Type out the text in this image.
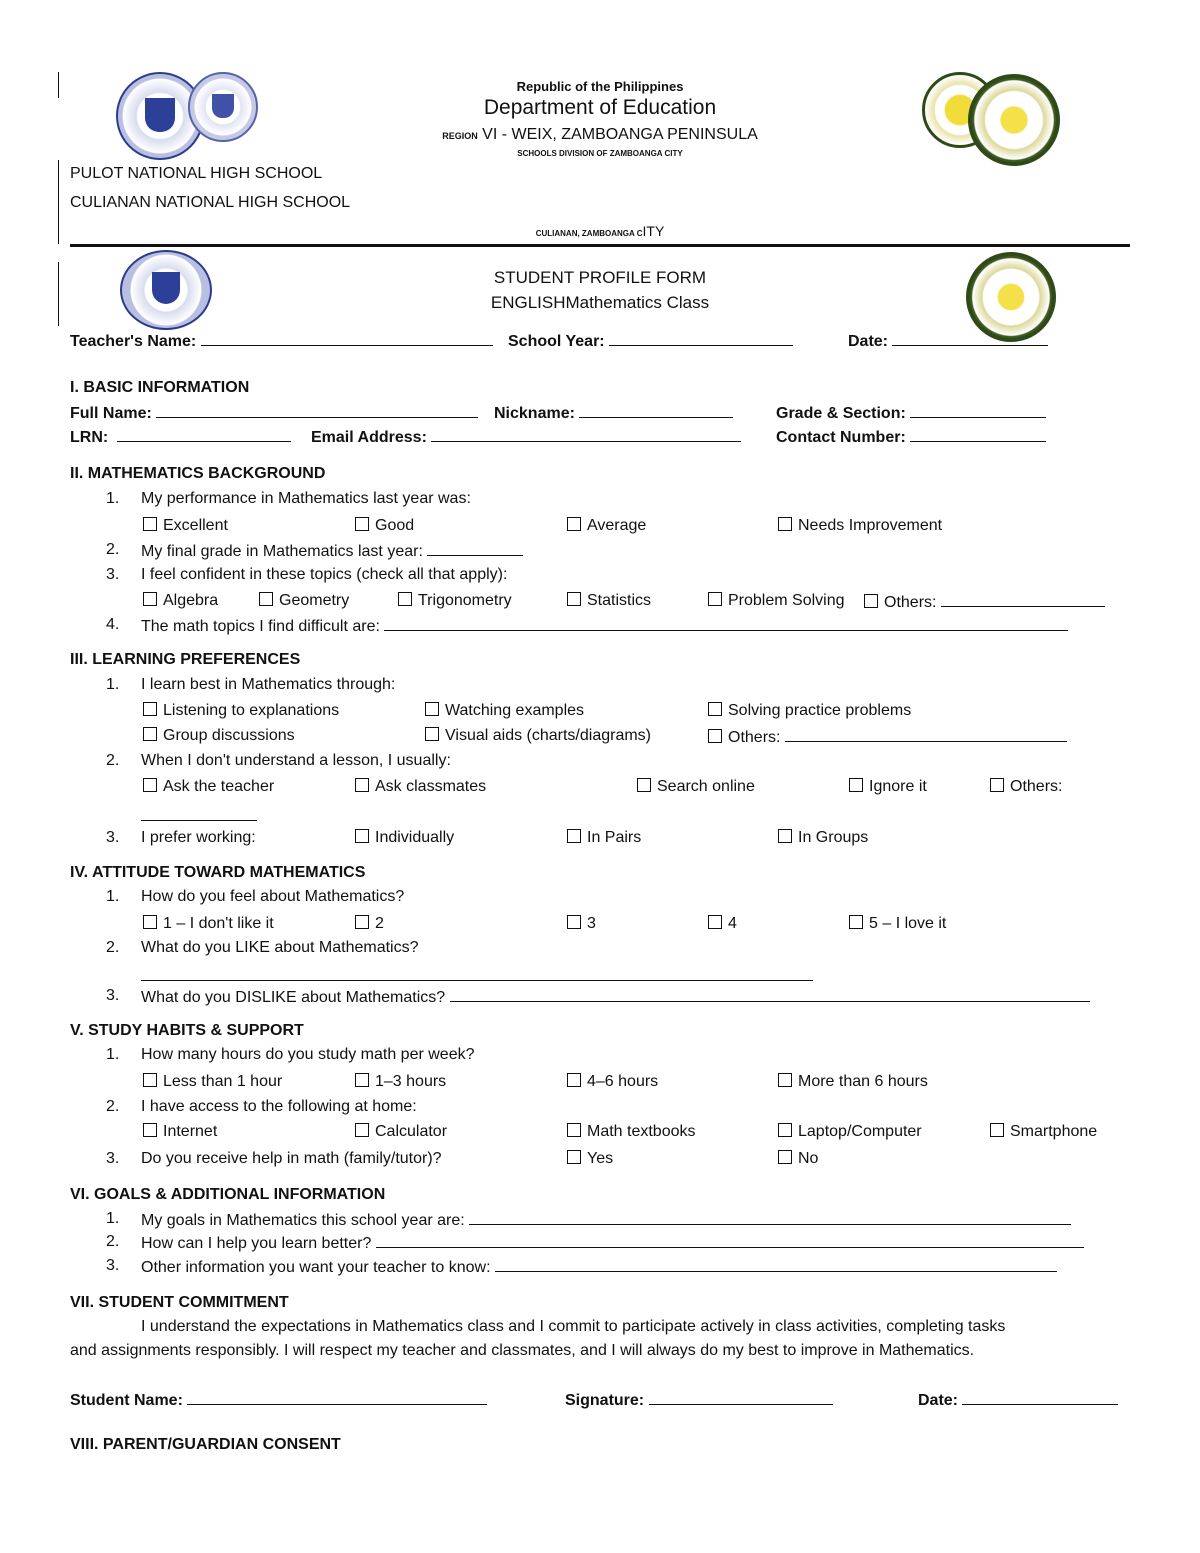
Republic of the Philippines
Department of Education
REGION VI - WEIX, ZAMBOANGA PENINSULA
SCHOOLS DIVISION OF ZAMBOANGA CITY
PULOT NATIONAL HIGH SCHOOL
CULIANAN NATIONAL HIGH SCHOOL
CULIANAN, ZAMBOANGA CITY
STUDENT PROFILE FORM
ENGLISHMathematics Class
Teacher's Name:	School Year:	Date:
I. BASIC INFORMATION
Full Name:	Nickname:	Grade & Section:
LRN:	Email Address:	Contact Number:
II. MATHEMATICS BACKGROUND
1. My performance in Mathematics last year was:
Excellent	Good	Average	Needs Improvement
2. My final grade in Mathematics last year:
3. I feel confident in these topics (check all that apply):
Algebra	Geometry	Trigonometry	Statistics	Problem Solving	Others:
4. The math topics I find difficult are:
III. LEARNING PREFERENCES
1. I learn best in Mathematics through:
Listening to explanations	Watching examples	Solving practice problems
Group discussions	Visual aids (charts/diagrams)	Others:
2. When I don't understand a lesson, I usually:
Ask the teacher	Ask classmates	Search online	Ignore it	Others:
3. I prefer working:	Individually	In Pairs	In Groups
IV. ATTITUDE TOWARD MATHEMATICS
1. How do you feel about Mathematics?
1 – I don't like it	2	3	4	5 – I love it
2. What do you LIKE about Mathematics?
3. What do you DISLIKE about Mathematics?
V. STUDY HABITS & SUPPORT
1. How many hours do you study math per week?
Less than 1 hour	1–3 hours	4–6 hours	More than 6 hours
2. I have access to the following at home:
Internet	Calculator	Math textbooks	Laptop/Computer	Smartphone
3. Do you receive help in math (family/tutor)?	Yes	No
VI. GOALS & ADDITIONAL INFORMATION
1. My goals in Mathematics this school year are:
2. How can I help you learn better?
3. Other information you want your teacher to know:
VII. STUDENT COMMITMENT
I understand the expectations in Mathematics class and I commit to participate actively in class activities, completing tasks
and assignments responsibly. I will respect my teacher and classmates, and I will always do my best to improve in Mathematics.
Student Name:	Signature:	Date:
VIII. PARENT/GUARDIAN CONSENT
